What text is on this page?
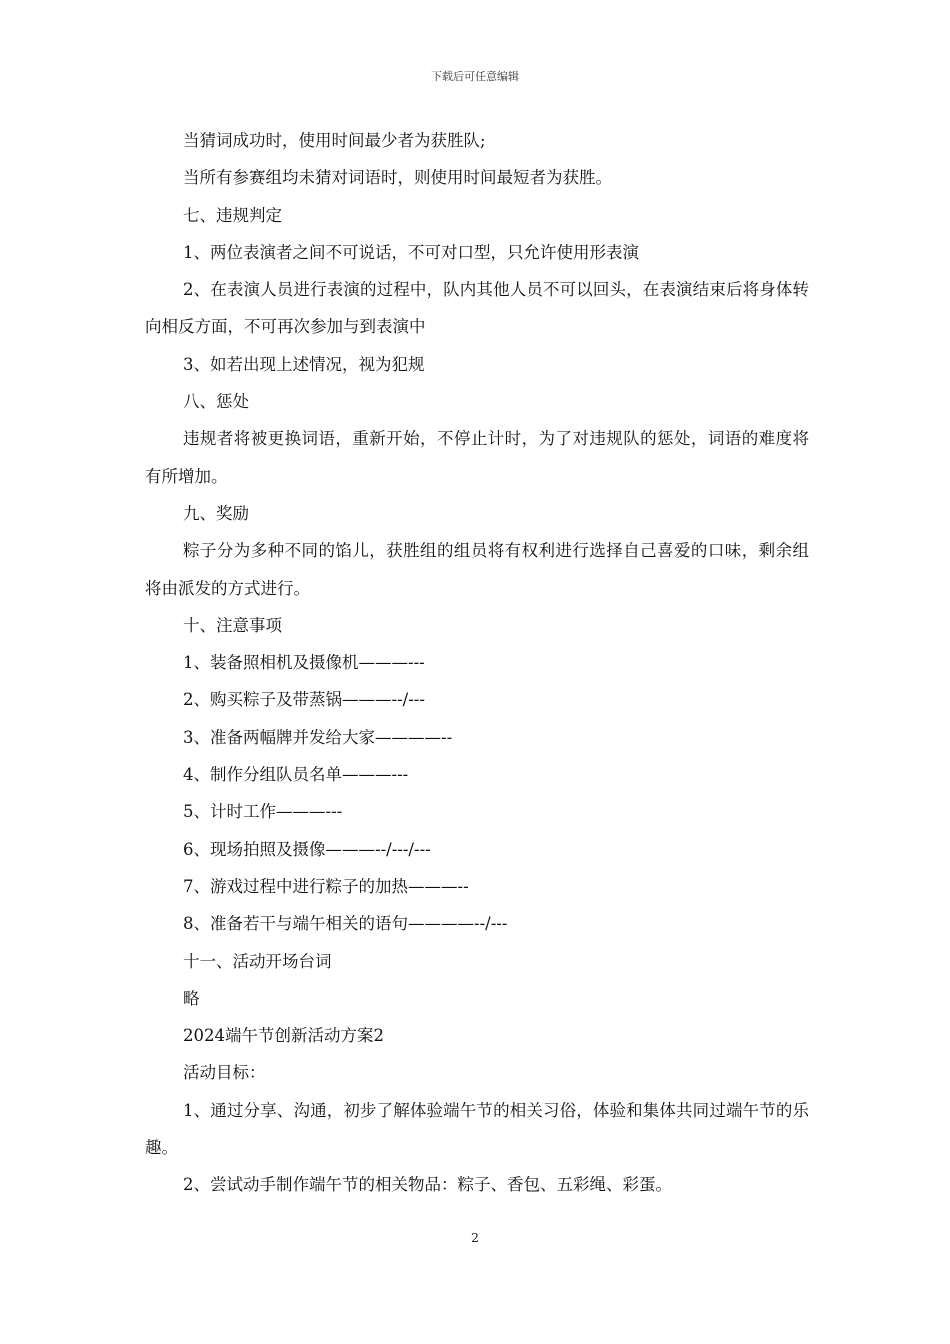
下载后可任意编辑

当猜词成功时，使用时间最少者为获胜队;

当所有参赛组均未猜对词语时，则使用时间最短者为获胜。

七、违规判定

1、两位表演者之间不可说话，不可对口型，只允许使用形表演

2、在表演人员进行表演的过程中，队内其他人员不可以回头，在表演结束后将身体转向相反方面，不可再次参加与到表演中

3、如若出现上述情况，视为犯规

八、惩处

违规者将被更换词语，重新开始，不停止计时，为了对违规队的惩处，词语的难度将有所增加。

九、奖励

粽子分为多种不同的馅儿，获胜组的组员将有权利进行选择自己喜爱的口味，剩余组将由派发的方式进行。

十、注意事项

1、装备照相机及摄像机———---

2、购买粽子及带蒸锅———--/---

3、准备两幅牌并发给大家————--

4、制作分组队员名单———---

5、计时工作———---

6、现场拍照及摄像———--/---/---

7、游戏过程中进行粽子的加热———--

8、准备若干与端午相关的语句————--/---

十一、活动开场台词

略

2024端午节创新活动方案2

活动目标：

1、通过分享、沟通，初步了解体验端午节的相关习俗，体验和集体共同过端午节的乐趣。

2、尝试动手制作端午节的相关物品：粽子、香包、五彩绳、彩蛋。

2
